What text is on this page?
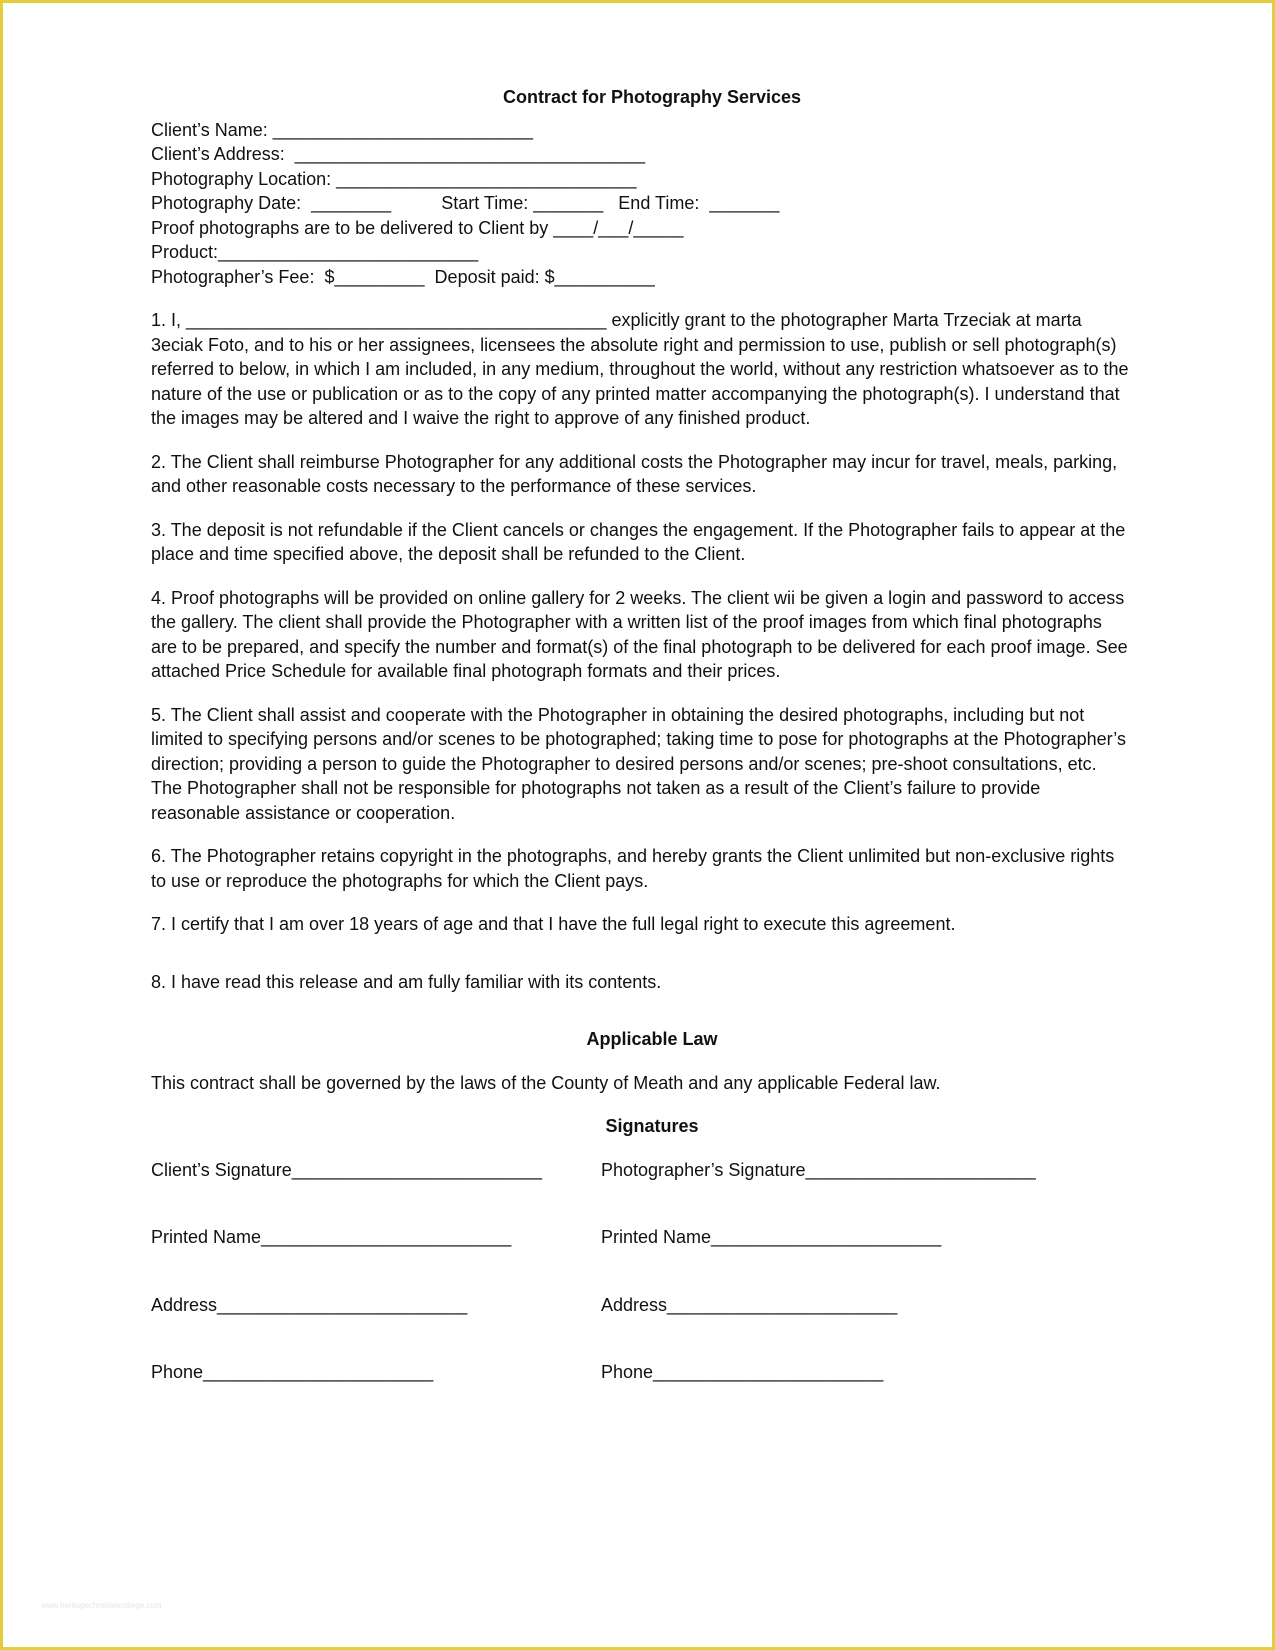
Contract for Photography Services

Client’s Name: __________________________

Client’s Address:  ___________________________________

Photography Location: ______________________________

Photography Date:  ________          Start Time: _______   End Time:  _______

Proof photographs are to be delivered to Client by ____/___/_____

Product:__________________________

Photographer’s Fee:  $_________  Deposit paid: $__________

1. I, __________________________________________ explicitly grant to the photographer Marta Trzeciak at marta 3eciak Foto, and to his or her assignees, licensees the absolute right and permission to use, publish or sell photograph(s) referred to below, in which I am included, in any medium, throughout the world, without any restriction whatsoever as to the nature of the use or publication or as to the copy of any printed matter accompanying the photograph(s). I understand that the images may be altered and I waive the right to approve of any finished product.

2. The Client shall reimburse Photographer for any additional costs the Photographer may incur for travel, meals, parking, and other reasonable costs necessary to the performance of these services.

3. The deposit is not refundable if the Client cancels or changes the engagement. If the Photographer fails to appear at the place and time specified above, the deposit shall be refunded to the Client.

4. Proof photographs will be provided on online gallery for 2 weeks. The client wii be given a login and password to access the gallery. The client shall provide the Photographer with a written list of the proof images from which final photographs are to be prepared, and specify the number and format(s) of the final photograph to be delivered for each proof image. See attached Price Schedule for available final photograph formats and their prices.

5. The Client shall assist and cooperate with the Photographer in obtaining the desired photographs, including but not limited to specifying persons and/or scenes to be photographed; taking time to pose for photographs at the Photographer’s direction; providing a person to guide the Photographer to desired persons and/or scenes; pre-shoot consultations, etc. The Photographer shall not be responsible for photographs not taken as a result of the Client’s failure to provide reasonable assistance or cooperation.

6. The Photographer retains copyright in the photographs, and hereby grants the Client unlimited but non-exclusive rights to use or reproduce the photographs for which the Client pays.

7. I certify that I am over 18 years of age and that I have the full legal right to execute this agreement.

8. I have read this release and am fully familiar with its contents.

Applicable Law

This contract shall be governed by the laws of the County of Meath and any applicable Federal law.

Signatures

Client’s Signature_________________________	Photographer’s Signature_______________________
Printed Name_________________________	Printed Name_______________________
Address_________________________	Address_______________________
Phone_______________________	Phone_______________________
www.heritagechristiancollege.com
